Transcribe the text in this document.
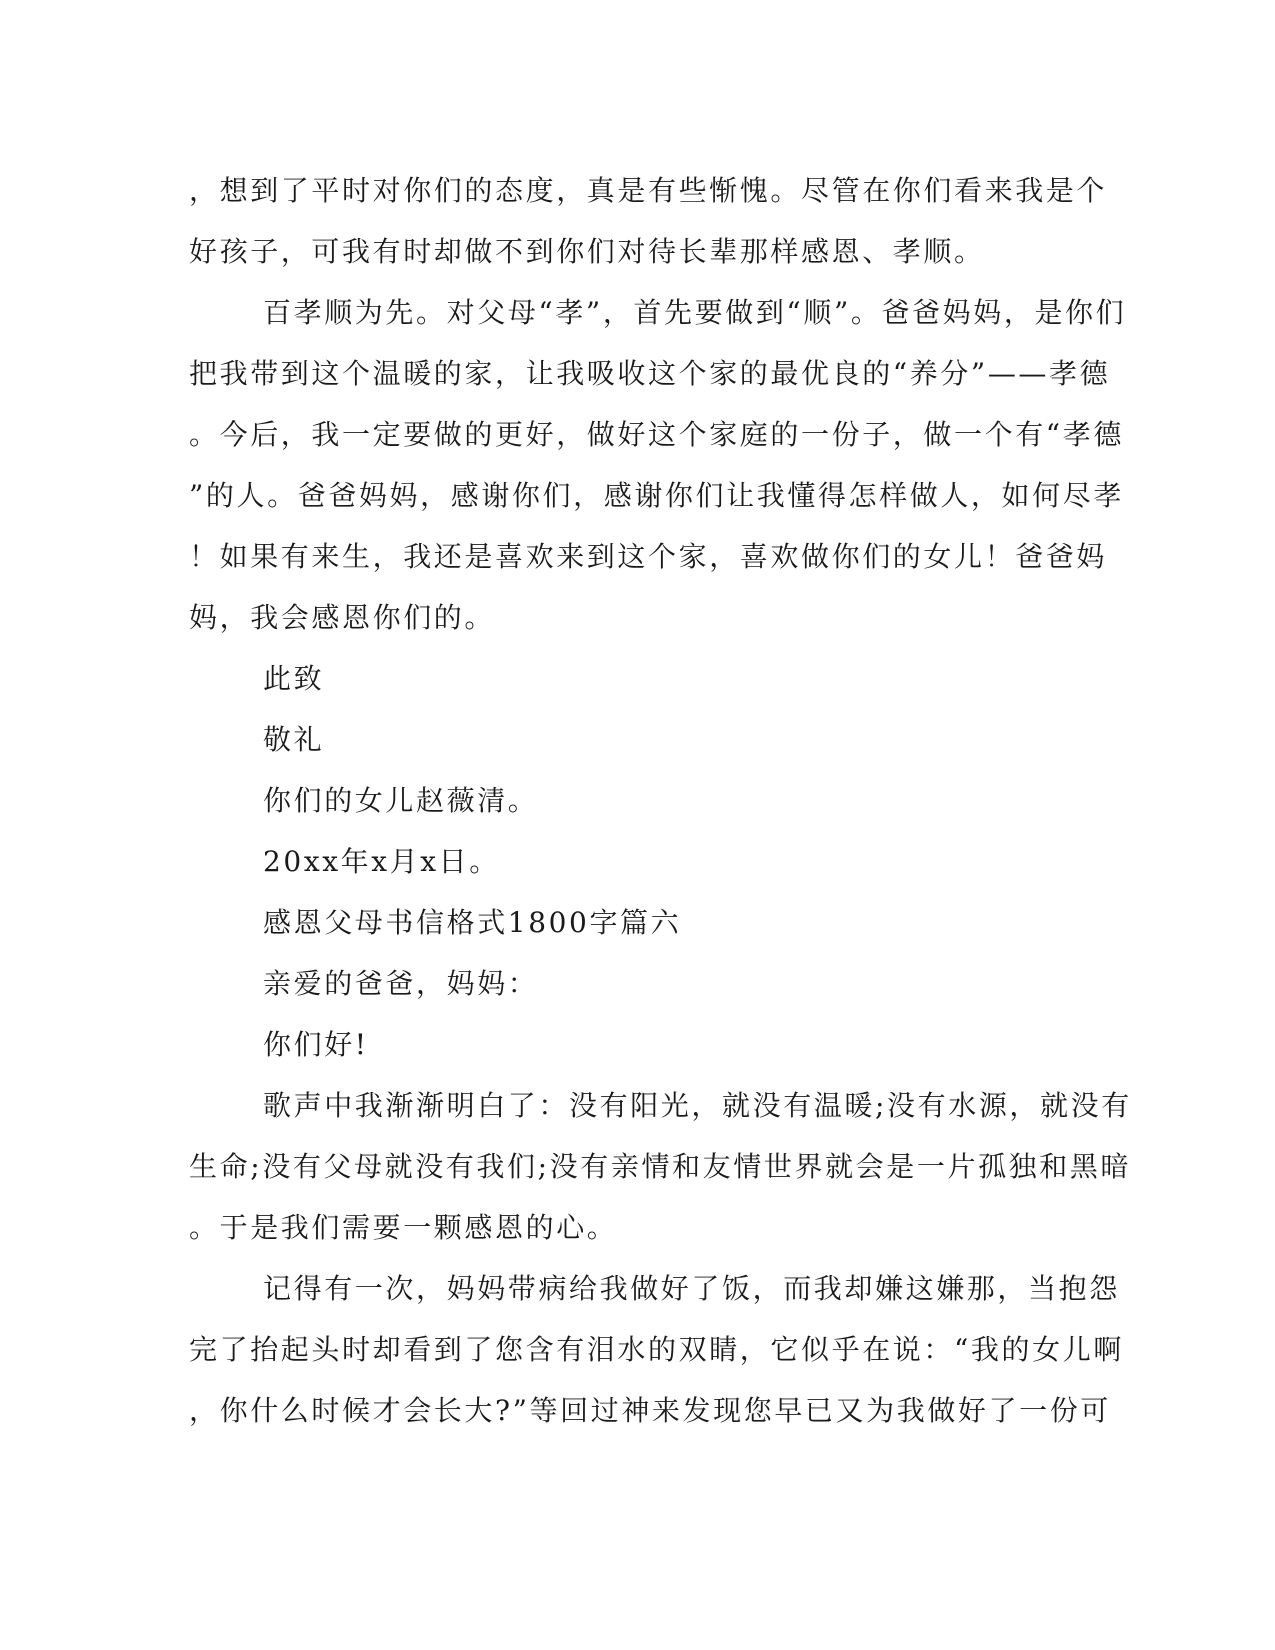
，想到了平时对你们的态度，真是有些惭愧。尽管在你们看来我是个
好孩子，可我有时却做不到你们对待长辈那样感恩、孝顺。
百孝顺为先。对父母“孝”，首先要做到“顺”。爸爸妈妈，是你们
把我带到这个温暖的家，让我吸收这个家的最优良的“养分”——孝德
。今后，我一定要做的更好，做好这个家庭的一份子，做一个有“孝德
”的人。爸爸妈妈，感谢你们，感谢你们让我懂得怎样做人，如何尽孝
！如果有来生，我还是喜欢来到这个家，喜欢做你们的女儿！爸爸妈
妈，我会感恩你们的。
此致
敬礼
你们的女儿赵薇清。
20xx年x月x日。
感恩父母书信格式1800字篇六
亲爱的爸爸，妈妈：
你们好!
歌声中我渐渐明白了：没有阳光，就没有温暖;没有水源，就没有
生命;没有父母就没有我们;没有亲情和友情世界就会是一片孤独和黑暗
。于是我们需要一颗感恩的心。
记得有一次，妈妈带病给我做好了饭，而我却嫌这嫌那，当抱怨
完了抬起头时却看到了您含有泪水的双睛，它似乎在说：“我的女儿啊
，你什么时候才会长大?”等回过神来发现您早已又为我做好了一份可
